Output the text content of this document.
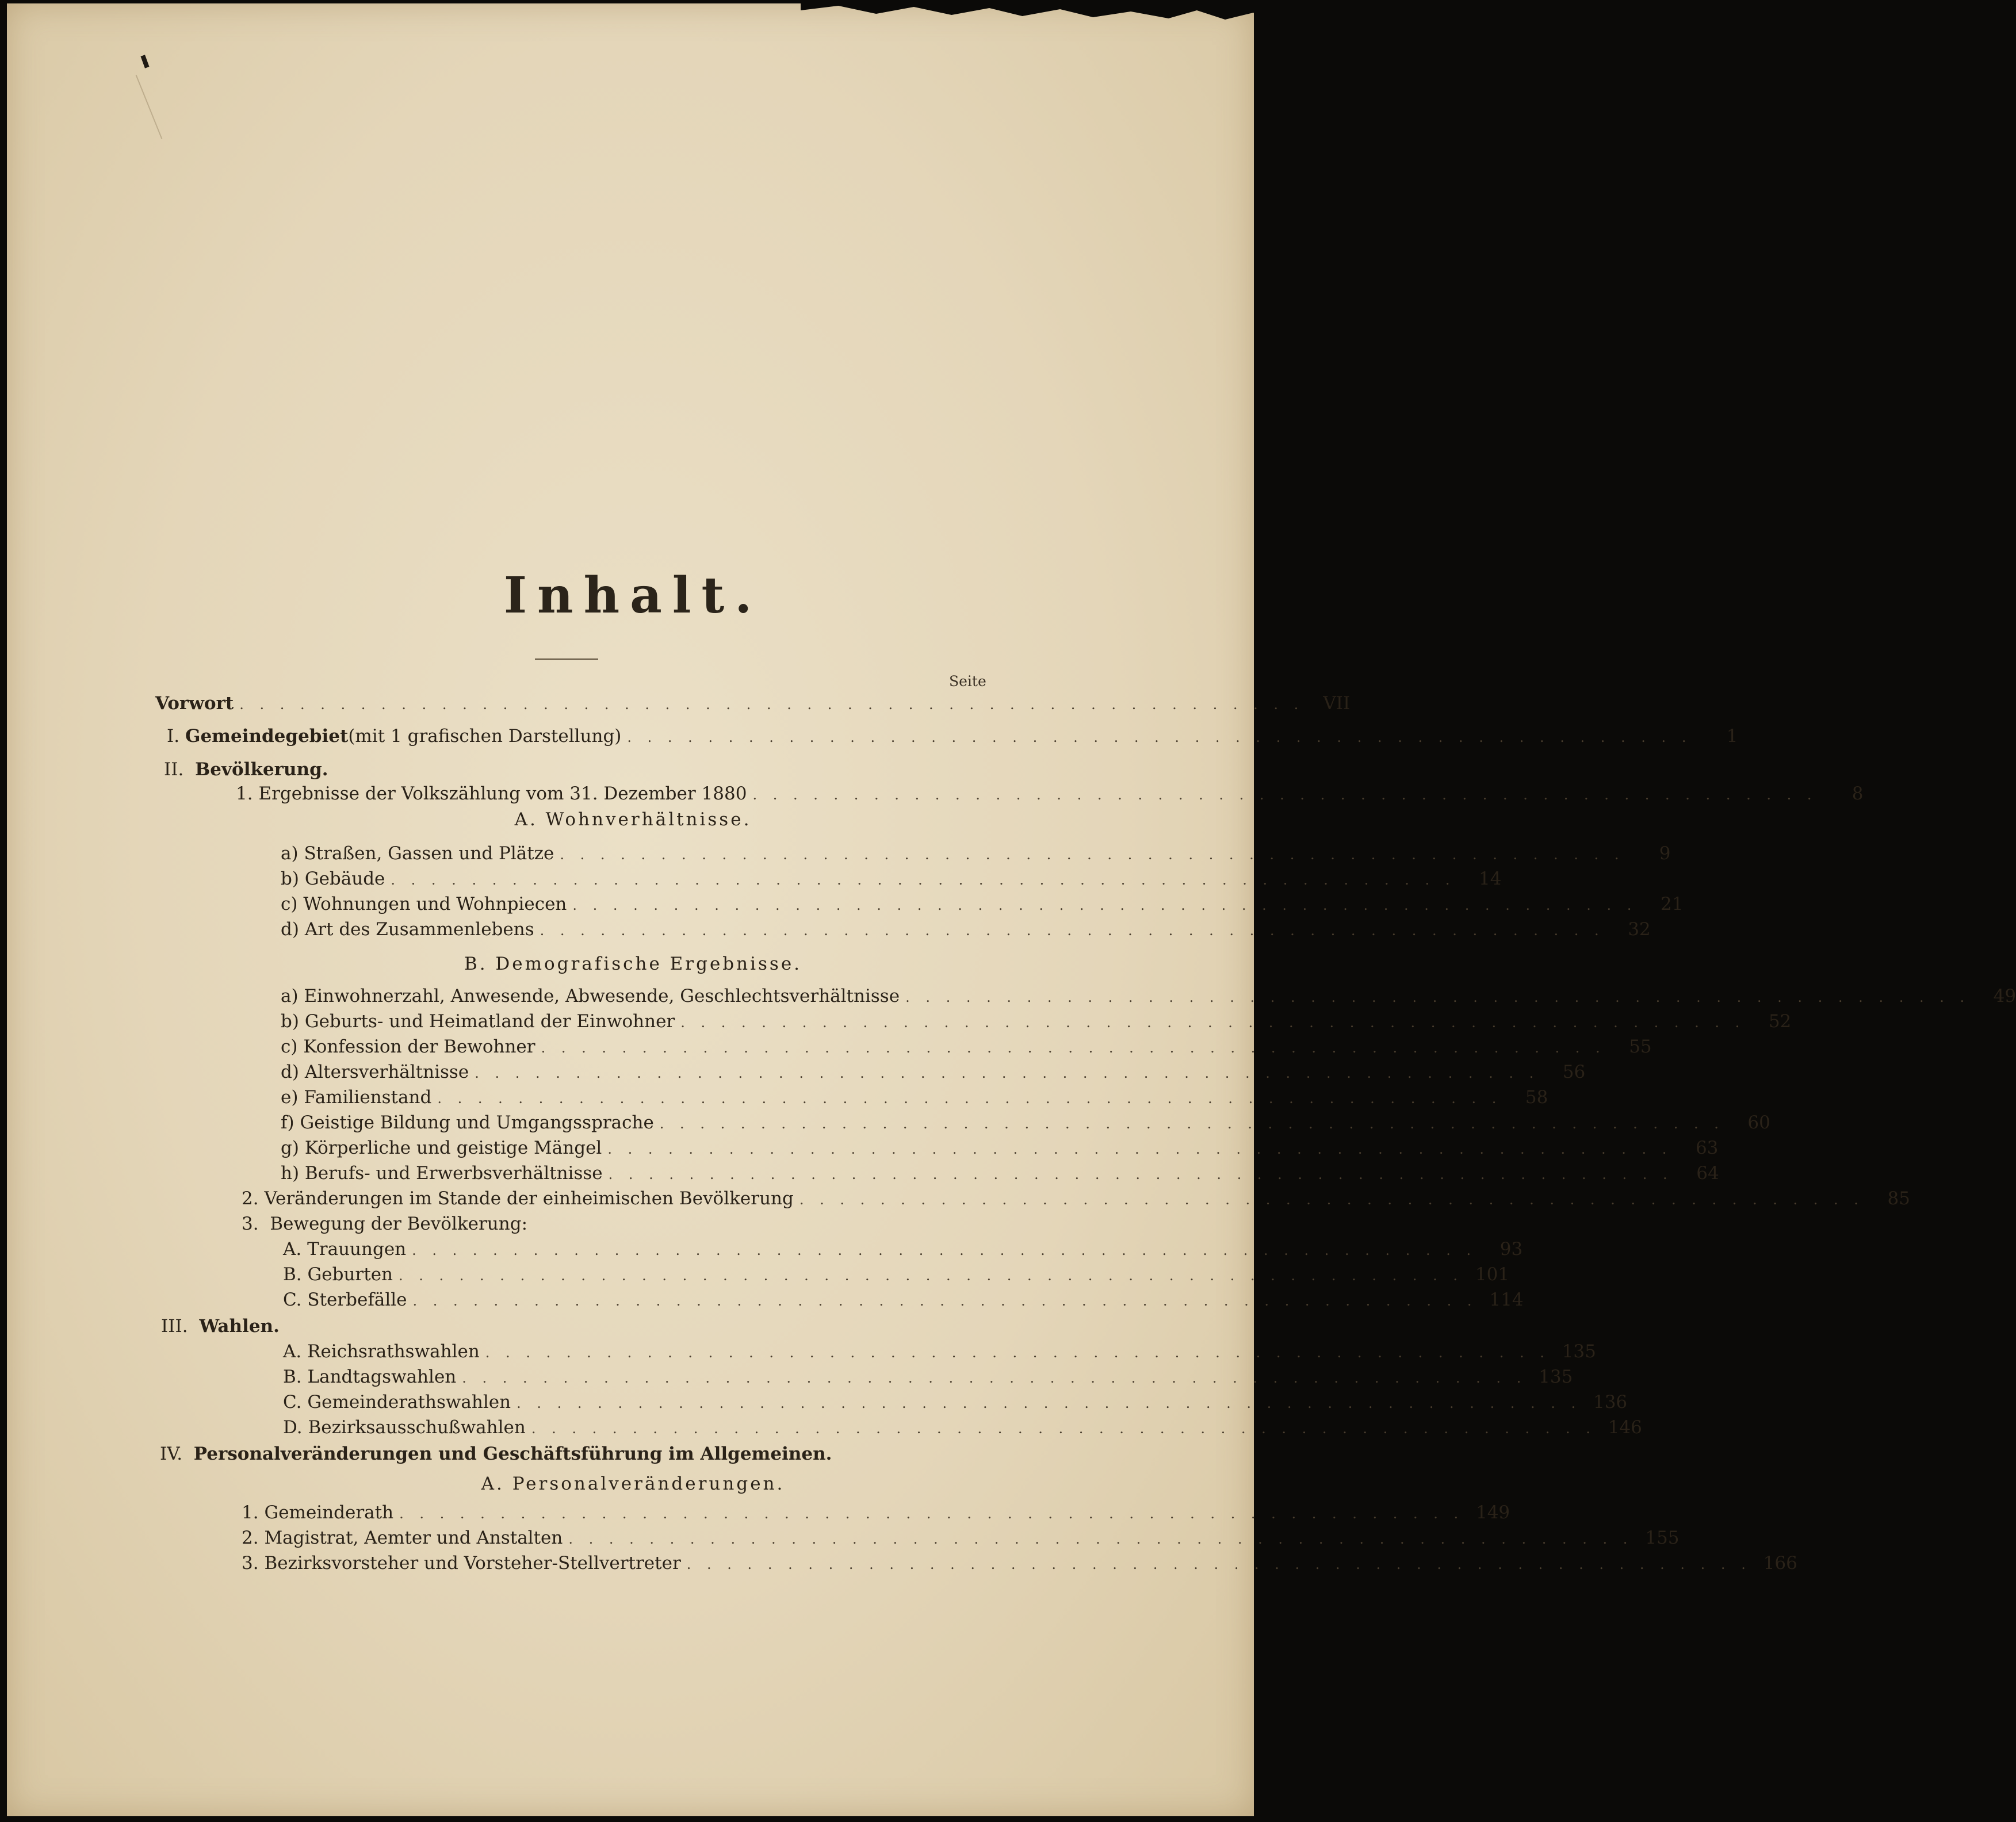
Inhalt.
Seite
Vorwort . . . . . . . . . . . . . . . . . . . . . . . . . . . . . . . . . . . . . . . . . . . . . . . . . . . . .	VII
I.
Gemeindegebiet (mit 1 grafischen Darstellung) . . . . . . . . . . . . . . . . . . . . . . . . . . . . . . . . . . . . . . . . . . . . . . . . . . . . .	1
II. Bevölkerung.
1.
Ergebnisse der Volkszählung vom 31. Dezember 1880 . . . . . . . . . . . . . . . . . . . . . . . . . . . . . . . . . . . . . . . . . . . . . . . . . . . . .	8
A. Wohnverhältnisse.
a)
Straßen, Gassen und Plätze . . . . . . . . . . . . . . . . . . . . . . . . . . . . . . . . . . . . . . . . . . . . . . . . . . . . .	9
b)
Gebäude . . . . . . . . . . . . . . . . . . . . . . . . . . . . . . . . . . . . . . . . . . . . . . . . . . . . .	14
c)
Wohnungen und Wohnpiecen . . . . . . . . . . . . . . . . . . . . . . . . . . . . . . . . . . . . . . . . . . . . . . . . . . . . .	21
d)
Art des Zusammenlebens . . . . . . . . . . . . . . . . . . . . . . . . . . . . . . . . . . . . . . . . . . . . . . . . . . . . .	32
B. Demografische Ergebnisse.
a)
Einwohnerzahl, Anwesende, Abwesende, Geschlechtsverhältnisse . . . . . . . . . . . . . . . . . . . . . . . . . . . . . . . . . . . . . . . . . . . . . . . . . . . . .	49
b)
Geburts- und Heimatland der Einwohner . . . . . . . . . . . . . . . . . . . . . . . . . . . . . . . . . . . . . . . . . . . . . . . . . . . . .	52
c)
Konfession der Bewohner . . . . . . . . . . . . . . . . . . . . . . . . . . . . . . . . . . . . . . . . . . . . . . . . . . . . .	55
d)
Altersverhältnisse . . . . . . . . . . . . . . . . . . . . . . . . . . . . . . . . . . . . . . . . . . . . . . . . . . . . .	56
e)
Familienstand . . . . . . . . . . . . . . . . . . . . . . . . . . . . . . . . . . . . . . . . . . . . . . . . . . . . .	58
f)
Geistige Bildung und Umgangssprache . . . . . . . . . . . . . . . . . . . . . . . . . . . . . . . . . . . . . . . . . . . . . . . . . . . . .	60
g)
Körperliche und geistige Mängel . . . . . . . . . . . . . . . . . . . . . . . . . . . . . . . . . . . . . . . . . . . . . . . . . . . . .	63
h)
Berufs- und Erwerbsverhältnisse . . . . . . . . . . . . . . . . . . . . . . . . . . . . . . . . . . . . . . . . . . . . . . . . . . . . .	64
2.
Veränderungen im Stande der einheimischen Bevölkerung . . . . . . . . . . . . . . . . . . . . . . . . . . . . . . . . . . . . . . . . . . . . . . . . . . . . .	85
3. Bewegung der Bevölkerung:
A.
Trauungen . . . . . . . . . . . . . . . . . . . . . . . . . . . . . . . . . . . . . . . . . . . . . . . . . . . . .	93
B.
Geburten . . . . . . . . . . . . . . . . . . . . . . . . . . . . . . . . . . . . . . . . . . . . . . . . . . . . . 101
C.
Sterbefälle . . . . . . . . . . . . . . . . . . . . . . . . . . . . . . . . . . . . . . . . . . . . . . . . . . . . . 114
III. Wahlen.
A.
Reichsrathswahlen . . . . . . . . . . . . . . . . . . . . . . . . . . . . . . . . . . . . . . . . . . . . . . . . . . . . . 135
B.
Landtagswahlen . . . . . . . . . . . . . . . . . . . . . . . . . . . . . . . . . . . . . . . . . . . . . . . . . . . . . 135
C.
Gemeinderathswahlen . . . . . . . . . . . . . . . . . . . . . . . . . . . . . . . . . . . . . . . . . . . . . . . . . . . . . 136
D.
Bezirksausschußwahlen . . . . . . . . . . . . . . . . . . . . . . . . . . . . . . . . . . . . . . . . . . . . . . . . . . . . . 146
IV. Personalveränderungen und Geschäftsführung im Allgemeinen.
A. Personalveränderungen.
1.
Gemeinderath . . . . . . . . . . . . . . . . . . . . . . . . . . . . . . . . . . . . . . . . . . . . . . . . . . . . . 149
2.
Magistrat, Aemter und Anstalten . . . . . . . . . . . . . . . . . . . . . . . . . . . . . . . . . . . . . . . . . . . . . . . . . . . . . 155
3.
Bezirksvorsteher und Vorsteher-Stellvertreter . . . . . . . . . . . . . . . . . . . . . . . . . . . . . . . . . . . . . . . . . . . . . . . . . . . . . 166
